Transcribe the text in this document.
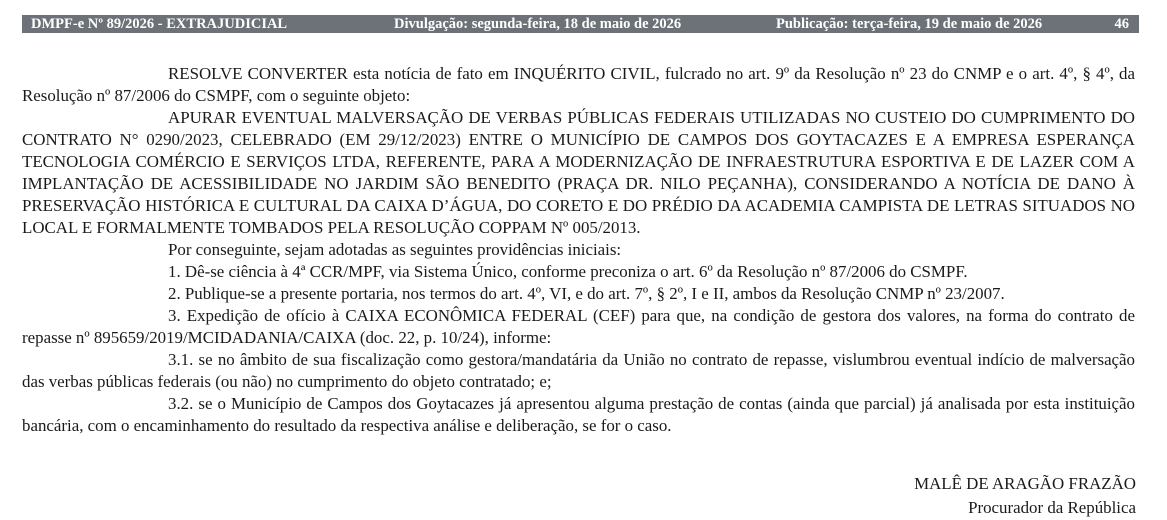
DMPF-e Nº 89/2026 - EXTRAJUDICIAL	Divulgação: segunda-feira, 18 de maio de 2026	Publicação: terça-feira, 19 de maio de 2026	46

RESOLVE CONVERTER esta notícia de fato em INQUÉRITO CIVIL, fulcrado no art. 9º da Resolução nº 23 do CNMP e o art. 4º, § 4º, da Resolução nº 87/2006 do CSMPF, com o seguinte objeto:

APURAR EVENTUAL MALVERSAÇÃO DE VERBAS PÚBLICAS FEDERAIS UTILIZADAS NO CUSTEIO DO CUMPRIMENTO DO CONTRATO N° 0290/2023, CELEBRADO (EM 29/12/2023) ENTRE O MUNICÍPIO DE CAMPOS DOS GOYTACAZES E A EMPRESA ESPERANÇA TECNOLOGIA COMÉRCIO E SERVIÇOS LTDA, REFERENTE, PARA A MODERNIZAÇÃO DE INFRAESTRUTURA ESPORTIVA E DE LAZER COM A IMPLANTAÇÃO DE ACESSIBILIDADE NO JARDIM SÃO BENEDITO (PRAÇA DR. NILO PEÇANHA), CONSIDERANDO A NOTÍCIA DE DANO À PRESERVAÇÃO HISTÓRICA E CULTURAL DA CAIXA D’ÁGUA, DO CORETO E DO PRÉDIO DA ACADEMIA CAMPISTA DE LETRAS SITUADOS NO LOCAL E FORMALMENTE TOMBADOS PELA RESOLUÇÃO COPPAM Nº 005/2013.

Por conseguinte, sejam adotadas as seguintes providências iniciais:

1. Dê-se ciência à 4ª CCR/MPF, via Sistema Único, conforme preconiza o art. 6º da Resolução nº 87/2006 do CSMPF.

2. Publique-se a presente portaria, nos termos do art. 4º, VI, e do art. 7º, § 2º, I e II, ambos da Resolução CNMP nº 23/2007.

3. Expedição de ofício à CAIXA ECONÔMICA FEDERAL (CEF) para que, na condição de gestora dos valores, na forma do contrato de repasse nº 895659/2019/MCIDADANIA/CAIXA (doc. 22, p. 10/24), informe:

3.1. se no âmbito de sua fiscalização como gestora/mandatária da União no contrato de repasse, vislumbrou eventual indício de malversação das verbas públicas federais (ou não) no cumprimento do objeto contratado; e;

3.2. se o Município de Campos dos Goytacazes já apresentou alguma prestação de contas (ainda que parcial) já analisada por esta instituição bancária, com o encaminhamento do resultado da respectiva análise e deliberação, se for o caso.

MALÊ DE ARAGÃO FRAZÃO
Procurador da República
